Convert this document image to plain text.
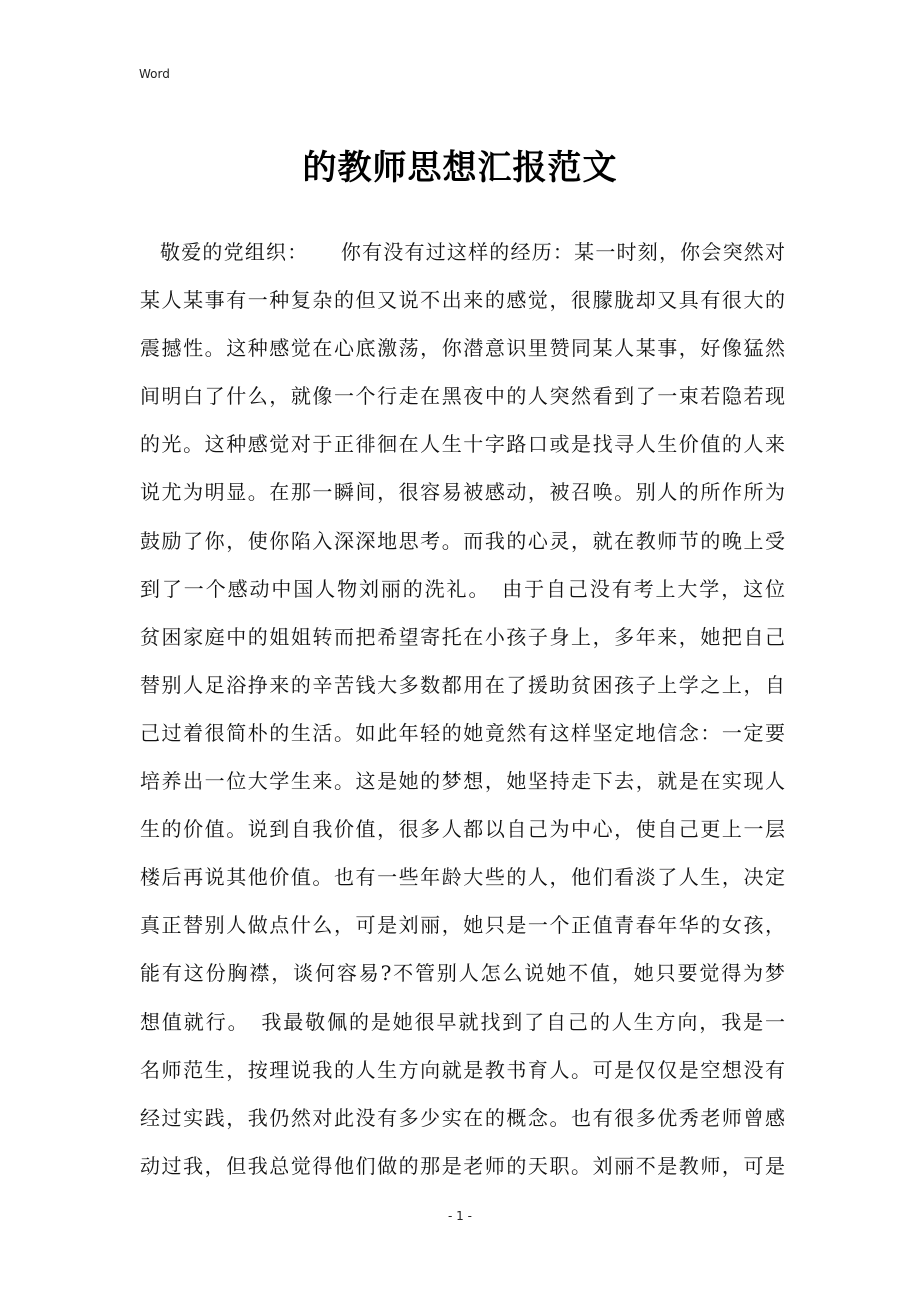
Word
的教师思想汇报范文
敬爱的党组织：　　你有没有过这样的经历：某一时刻，你会突然对
某人某事有一种复杂的但又说不出来的感觉，很朦胧却又具有很大的
震撼性。这种感觉在心底激荡，你潜意识里赞同某人某事，好像猛然
间明白了什么，就像一个行走在黑夜中的人突然看到了一束若隐若现
的光。这种感觉对于正徘徊在人生十字路口或是找寻人生价值的人来
说尤为明显。在那一瞬间，很容易被感动，被召唤。别人的所作所为
鼓励了你，使你陷入深深地思考。而我的心灵，就在教师节的晚上受
到了一个感动中国人物刘丽的洗礼。　由于自己没有考上大学，这位
贫困家庭中的姐姐转而把希望寄托在小孩子身上，多年来，她把自己
替别人足浴挣来的辛苦钱大多数都用在了援助贫困孩子上学之上，自
己过着很简朴的生活。如此年轻的她竟然有这样坚定地信念：一定要
培养出一位大学生来。这是她的梦想，她坚持走下去，就是在实现人
生的价值。说到自我价值，很多人都以自己为中心，使自己更上一层
楼后再说其他价值。也有一些年龄大些的人，他们看淡了人生，决定
真正替别人做点什么，可是刘丽，她只是一个正值青春年华的女孩，
能有这份胸襟，谈何容易?不管别人怎么说她不值，她只要觉得为梦
想值就行。　我最敬佩的是她很早就找到了自己的人生方向，我是一
名师范生，按理说我的人生方向就是教书育人。可是仅仅是空想没有
经过实践，我仍然对此没有多少实在的概念。也有很多优秀老师曾感
动过我，但我总觉得他们做的那是老师的天职。刘丽不是教师，可是
- 1 -
